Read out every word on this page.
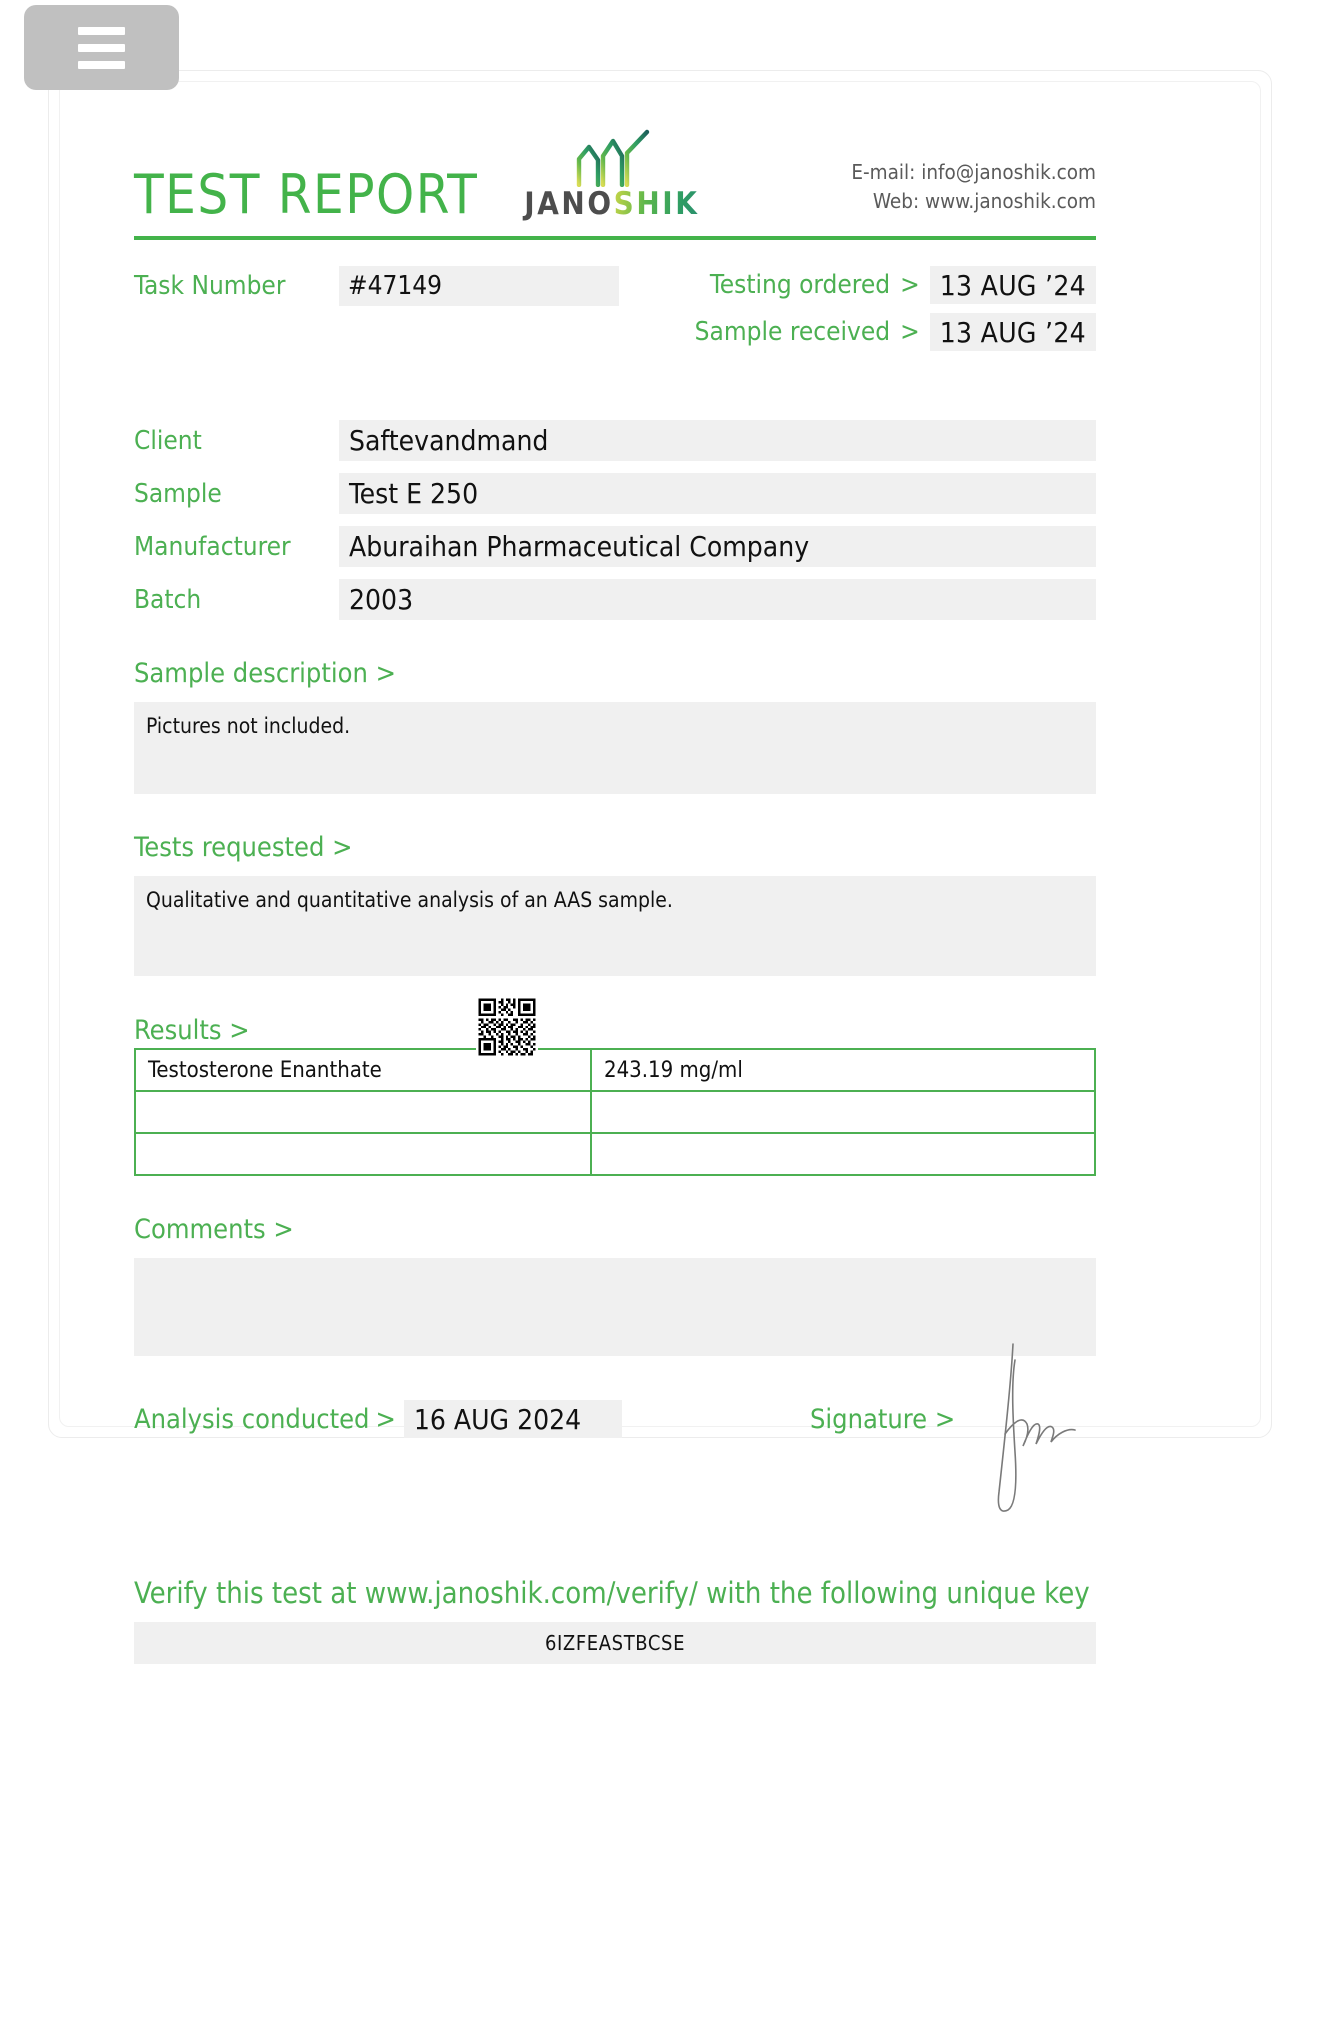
TEST REPORT JANOSHIK
E-mail: info@janoshik.com
Web: www.janoshik.com
Task Number	#47149	Testing ordered > 13 AUG ’24
Sample received > 13 AUG ’24
Client	Saftevandmand
Sample	Test E 250
Manufacturer	Aburaihan Pharmaceutical Company
Batch	2003
Sample description >
Pictures not included.
Tests requested >
Qualitative and quantitative analysis of an AAS sample.
Results >
Testosterone Enanthate	243.19 mg/ml

Comments >
Analysis conducted > 16 AUG 2024	Signature >
Verify this test at www.janoshik.com/verify/ with the following unique key
6IZFEASTBCSE
